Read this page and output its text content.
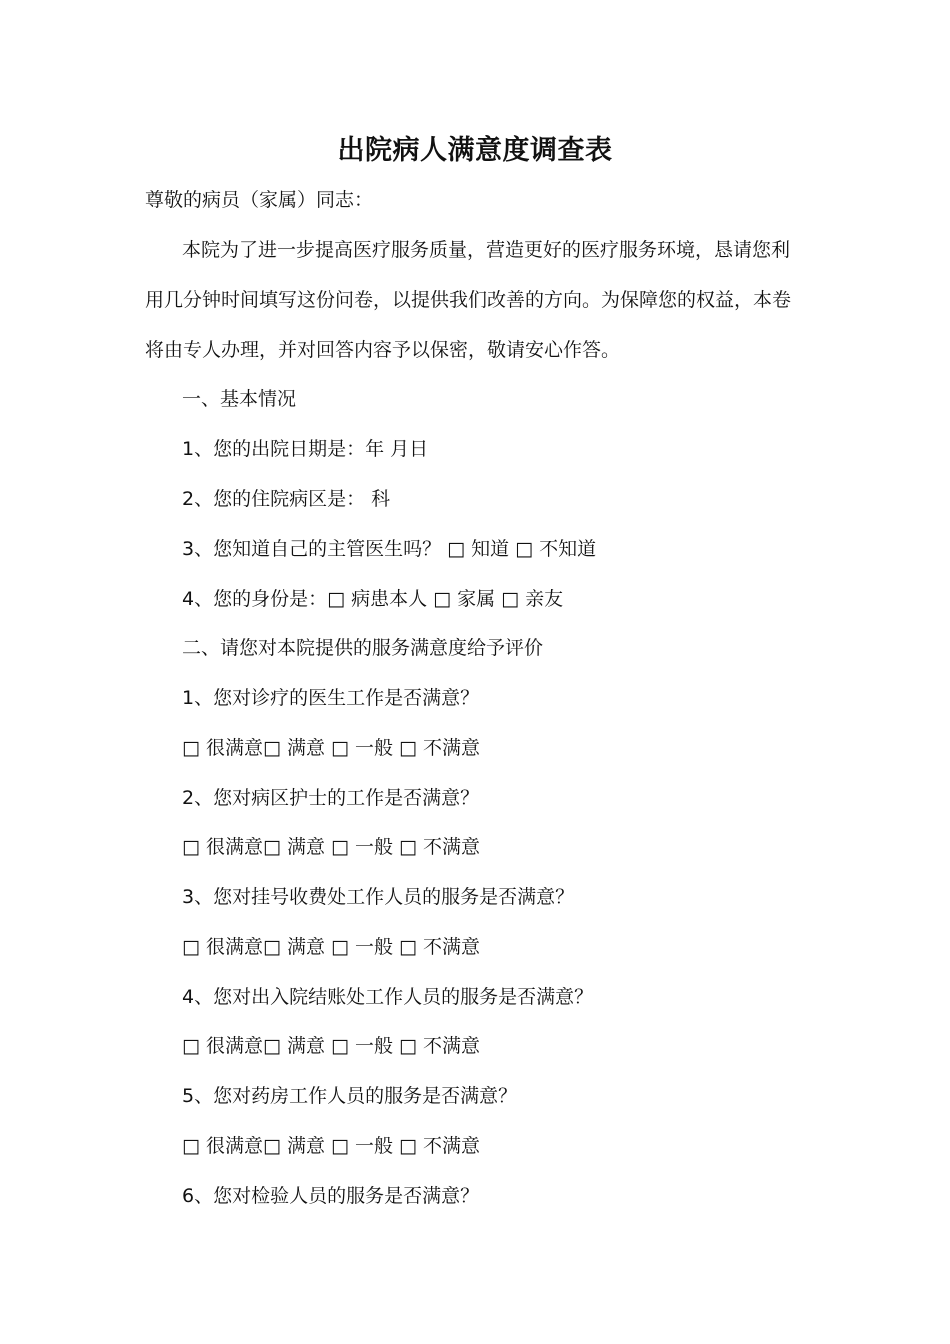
出院病人满意度调查表
尊敬的病员（家属）同志：
本院为了进一步提高医疗服务质量，营造更好的医疗服务环境，恳请您利
用几分钟时间填写这份问卷，以提供我们改善的方向。为保障您的权益，本卷
将由专人办理，并对回答内容予以保密，敬请安心作答。
一、基本情况
1、您的出院日期是：年 月日
2、您的住院病区是： 科
3、您知道自己的主管医生吗？ □ 知道 □ 不知道
4、您的身份是：□ 病患本人 □ 家属 □ 亲友
二、请您对本院提供的服务满意度给予评价
1、您对诊疗的医生工作是否满意？
□ 很满意□ 满意 □ 一般 □ 不满意
2、您对病区护士的工作是否满意？
□ 很满意□ 满意 □ 一般 □ 不满意
3、您对挂号收费处工作人员的服务是否满意？
□ 很满意□ 满意 □ 一般 □ 不满意
4、您对出入院结账处工作人员的服务是否满意？
□ 很满意□ 满意 □ 一般 □ 不满意
5、您对药房工作人员的服务是否满意？
□ 很满意□ 满意 □ 一般 □ 不满意
6、您对检验人员的服务是否满意？
